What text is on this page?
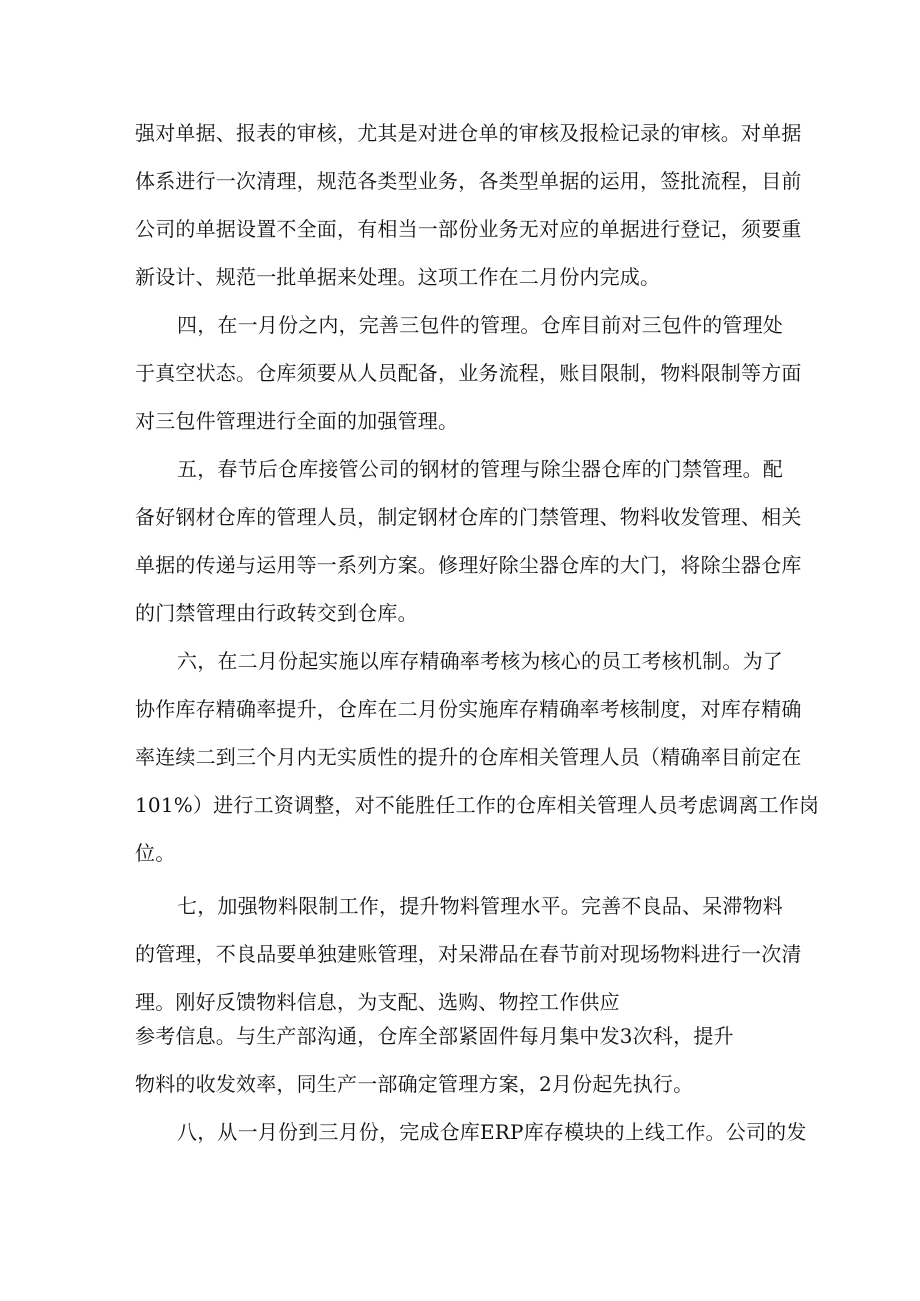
强对单据、报表的审核，尤其是对进仓单的审核及报检记录的审核。对单据
体系进行一次清理，规范各类型业务，各类型单据的运用，签批流程，目前
公司的单据设置不全面，有相当一部份业务无对应的单据进行登记，须要重
新设计、规范一批单据来处理。这项工作在二月份内完成。
四，在一月份之内，完善三包件的管理。仓库目前对三包件的管理处
于真空状态。仓库须要从人员配备，业务流程，账目限制，物料限制等方面
对三包件管理进行全面的加强管理。
五，春节后仓库接管公司的钢材的管理与除尘器仓库的门禁管理。配
备好钢材仓库的管理人员，制定钢材仓库的门禁管理、物料收发管理、相关
单据的传递与运用等一系列方案。修理好除尘器仓库的大门，将除尘器仓库
的门禁管理由行政转交到仓库。
六，在二月份起实施以库存精确率考核为核心的员工考核机制。为了
协作库存精确率提升，仓库在二月份实施库存精确率考核制度，对库存精确
率连续二到三个月内无实质性的提升的仓库相关管理人员（精确率目前定在
101%）进行工资调整，对不能胜任工作的仓库相关管理人员考虑调离工作岗
位。
七，加强物料限制工作，提升物料管理水平。完善不良品、呆滞物料
的管理，不良品要单独建账管理，对呆滞品在春节前对现场物料进行一次清
理。刚好反馈物料信息，为支配、选购、物控工作供应
参考信息。与生产部沟通，仓库全部紧固件每月集中发3次科，提升
物料的收发效率，同生产一部确定管理方案，2月份起先执行。
八，从一月份到三月份，完成仓库ERP库存模块的上线工作。公司的发
